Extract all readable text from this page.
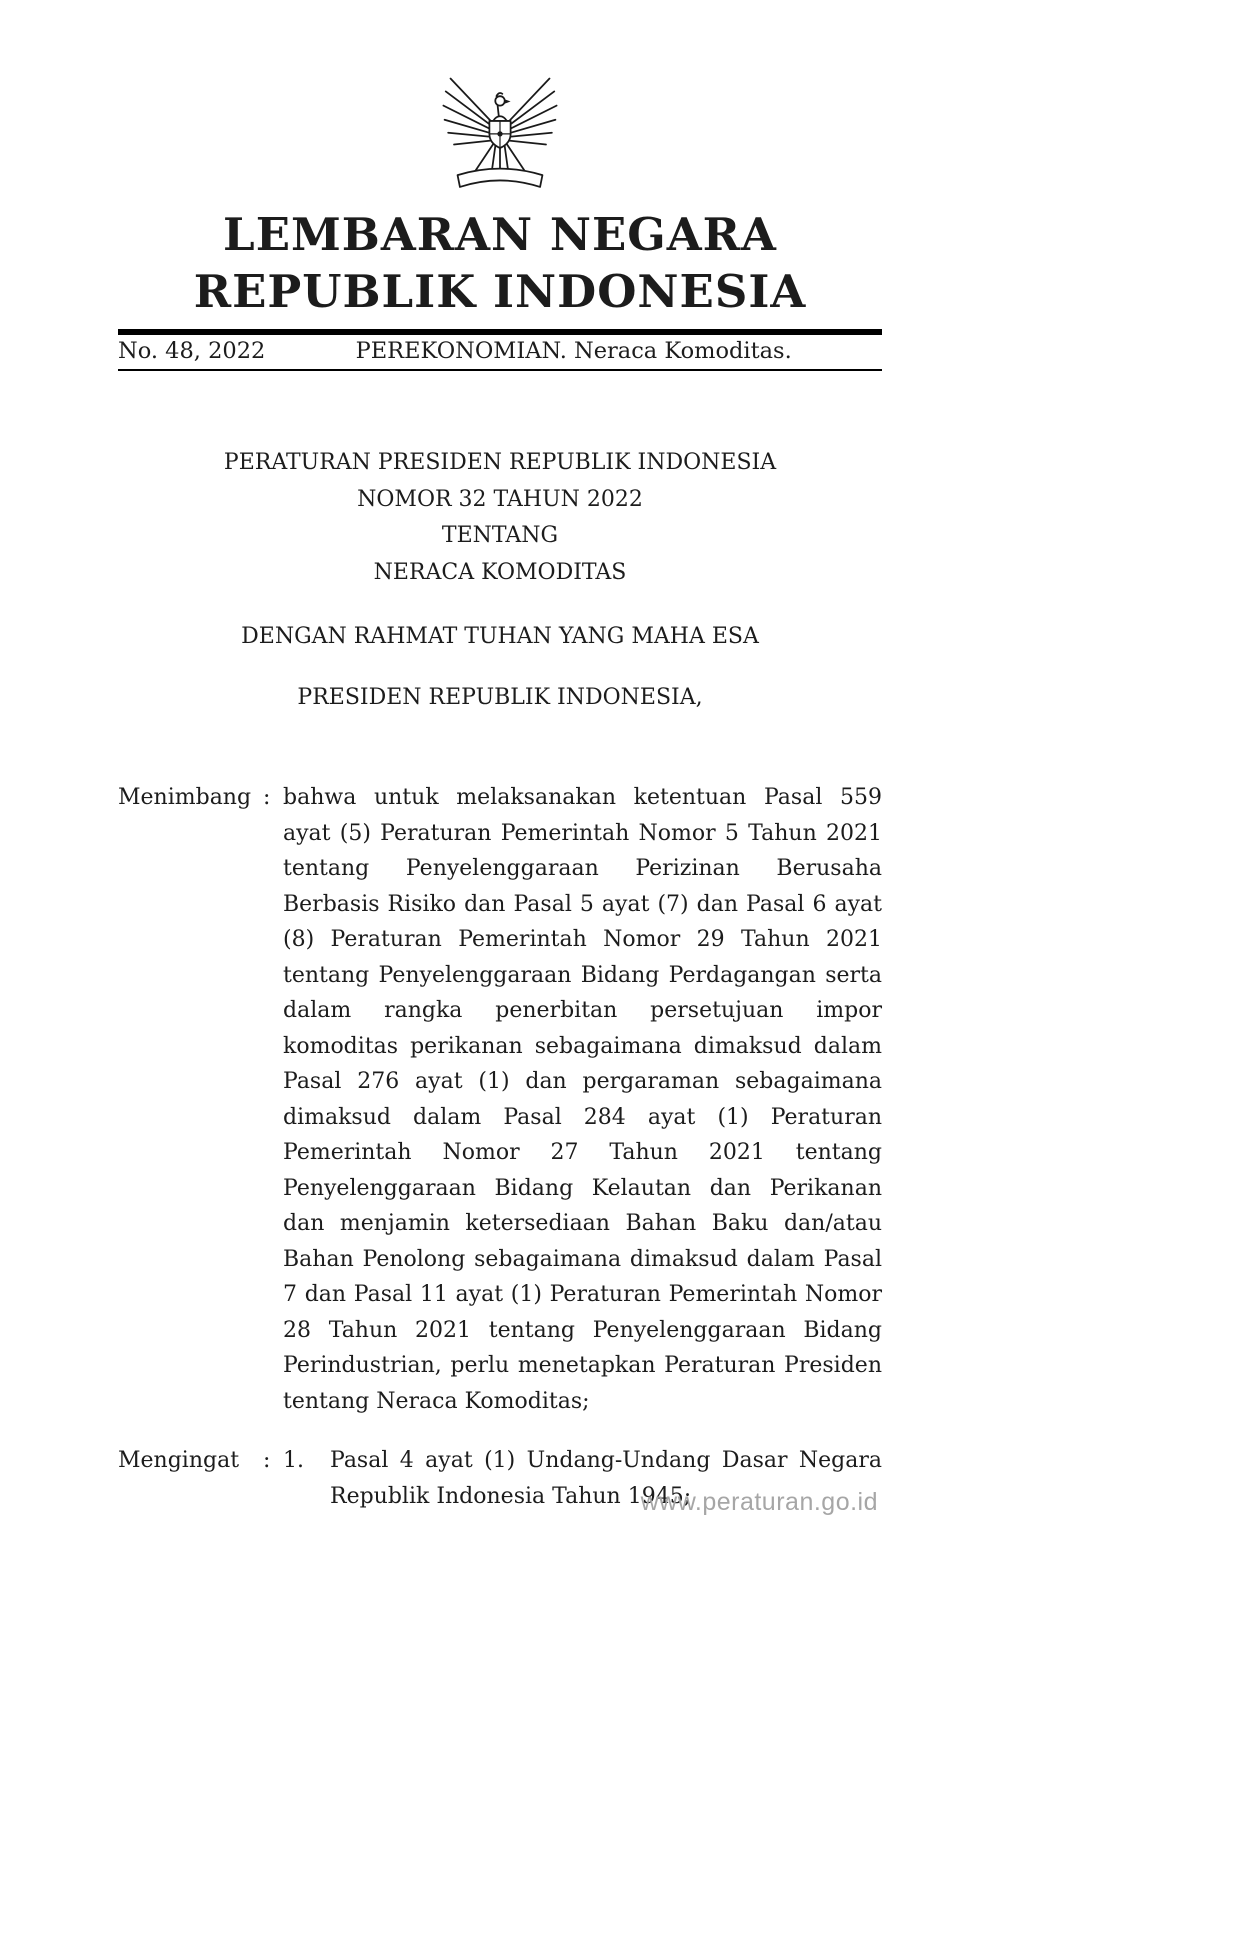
LEMBARAN NEGARA
REPUBLIK INDONESIA
No. 48, 2022	PEREKONOMIAN. Neraca Komoditas.
PERATURAN PRESIDEN REPUBLIK INDONESIA
NOMOR 32 TAHUN 2022
TENTANG
NERACA KOMODITAS
DENGAN RAHMAT TUHAN YANG MAHA ESA
PRESIDEN REPUBLIK INDONESIA,
Menimbang : bahwa untuk melaksanakan ketentuan Pasal 559 ayat (5) Peraturan Pemerintah Nomor 5 Tahun 2021 tentang Penyelenggaraan Perizinan Berusaha Berbasis Risiko dan Pasal 5 ayat (7) dan Pasal 6 ayat (8) Peraturan Pemerintah Nomor 29 Tahun 2021 tentang Penyelenggaraan Bidang Perdagangan serta dalam rangka penerbitan persetujuan impor komoditas perikanan sebagaimana dimaksud dalam Pasal 276 ayat (1) dan pergaraman sebagaimana dimaksud dalam Pasal 284 ayat (1) Peraturan Pemerintah Nomor 27 Tahun 2021 tentang Penyelenggaraan Bidang Kelautan dan Perikanan dan menjamin ketersediaan Bahan Baku dan/atau Bahan Penolong sebagaimana dimaksud dalam Pasal 7 dan Pasal 11 ayat (1) Peraturan Pemerintah Nomor 28 Tahun 2021 tentang Penyelenggaraan Bidang Perindustrian, perlu menetapkan Peraturan Presiden tentang Neraca Komoditas;
Mengingat	: 1.	Pasal 4 ayat (1) Undang-Undang Dasar Negara Republik Indonesia Tahun 1945;
www.peraturan.go.id
